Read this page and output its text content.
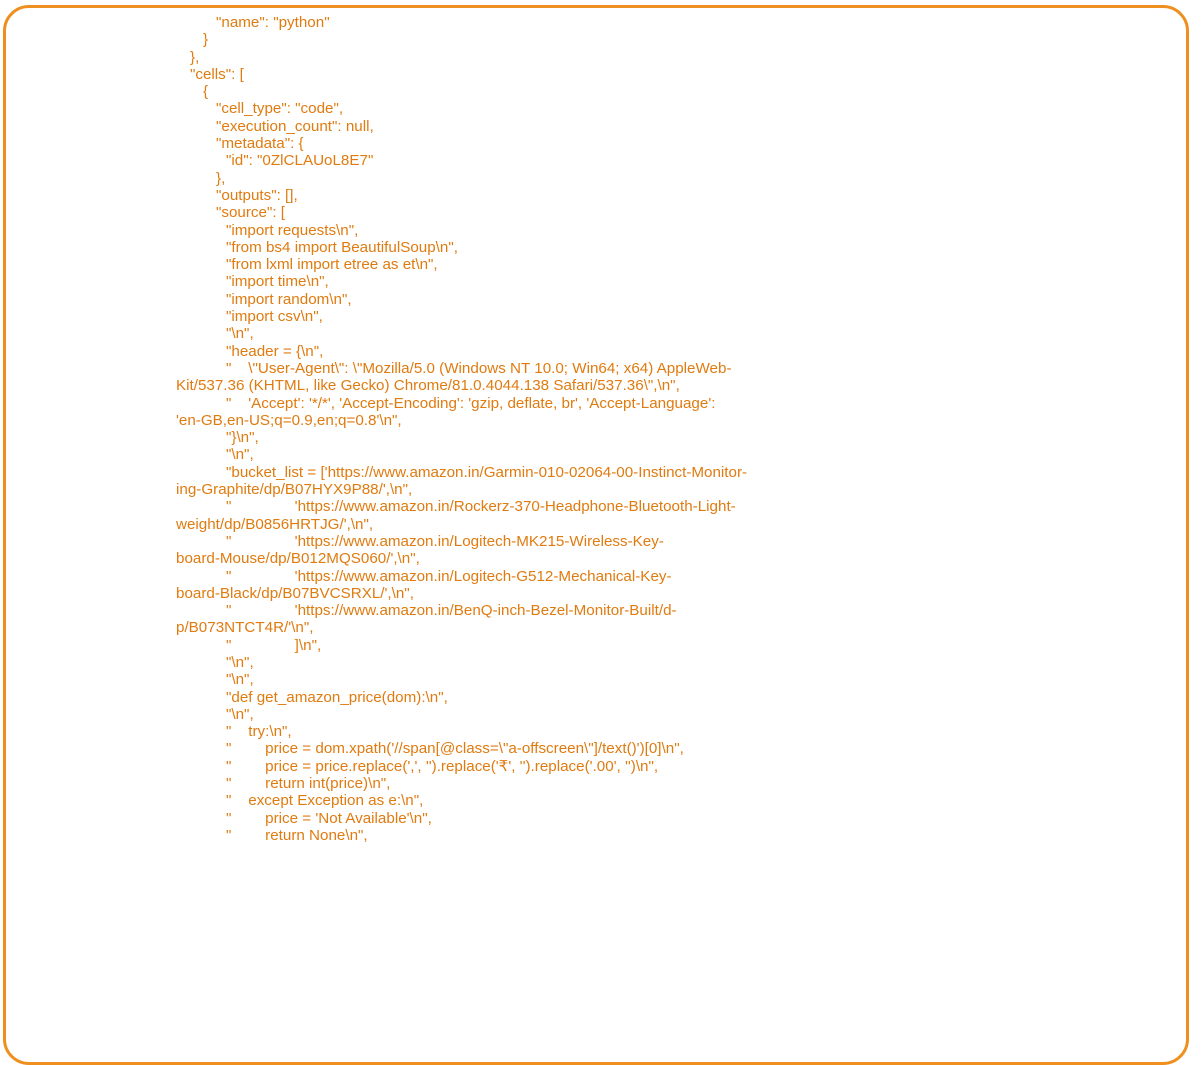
"name": "python"
}
},
"cells": [
{
"cell_type": "code",
"execution_count": null,
"metadata": {
"id": "0ZlCLAUoL8E7"
},
"outputs": [],
"source": [
"import requests\n",
"from bs4 import BeautifulSoup\n",
"from lxml import etree as et\n",
"import time\n",
"import random\n",
"import csv\n",
"\n",
"header = {\n",
"    \"User-Agent\": \"Mozilla/5.0 (Windows NT 10.0; Win64; x64) AppleWeb-
Kit/537.36 (KHTML, like Gecko) Chrome/81.0.4044.138 Safari/537.36\",\n",
"    'Accept': '*/*', 'Accept-Encoding': 'gzip, deflate, br', 'Accept-Language':
'en-GB,en-US;q=0.9,en;q=0.8'\n",
"}\n",
"\n",
"bucket_list = ['https://www.amazon.in/Garmin-010-02064-00-Instinct-Monitor-
ing-Graphite/dp/B07HYX9P88/',\n",
"               'https://www.amazon.in/Rockerz-370-Headphone-Bluetooth-Light-
weight/dp/B0856HRTJG/',\n",
"               'https://www.amazon.in/Logitech-MK215-Wireless-Key-
board-Mouse/dp/B012MQS060/',\n",
"               'https://www.amazon.in/Logitech-G512-Mechanical-Key-
board-Black/dp/B07BVCSRXL/',\n",
"               'https://www.amazon.in/BenQ-inch-Bezel-Monitor-Built/d-
p/B073NTCT4R/'\n",
"               ]\n",
"\n",
"\n",
"def get_amazon_price(dom):\n",
"\n",
"    try:\n",
"        price = dom.xpath('//span[@class=\"a-offscreen\"]/text()')[0]\n",
"        price = price.replace(',', '').replace('₹', '').replace('.00', '')\n",
"        return int(price)\n",
"    except Exception as e:\n",
"        price = 'Not Available'\n",
"        return None\n",
